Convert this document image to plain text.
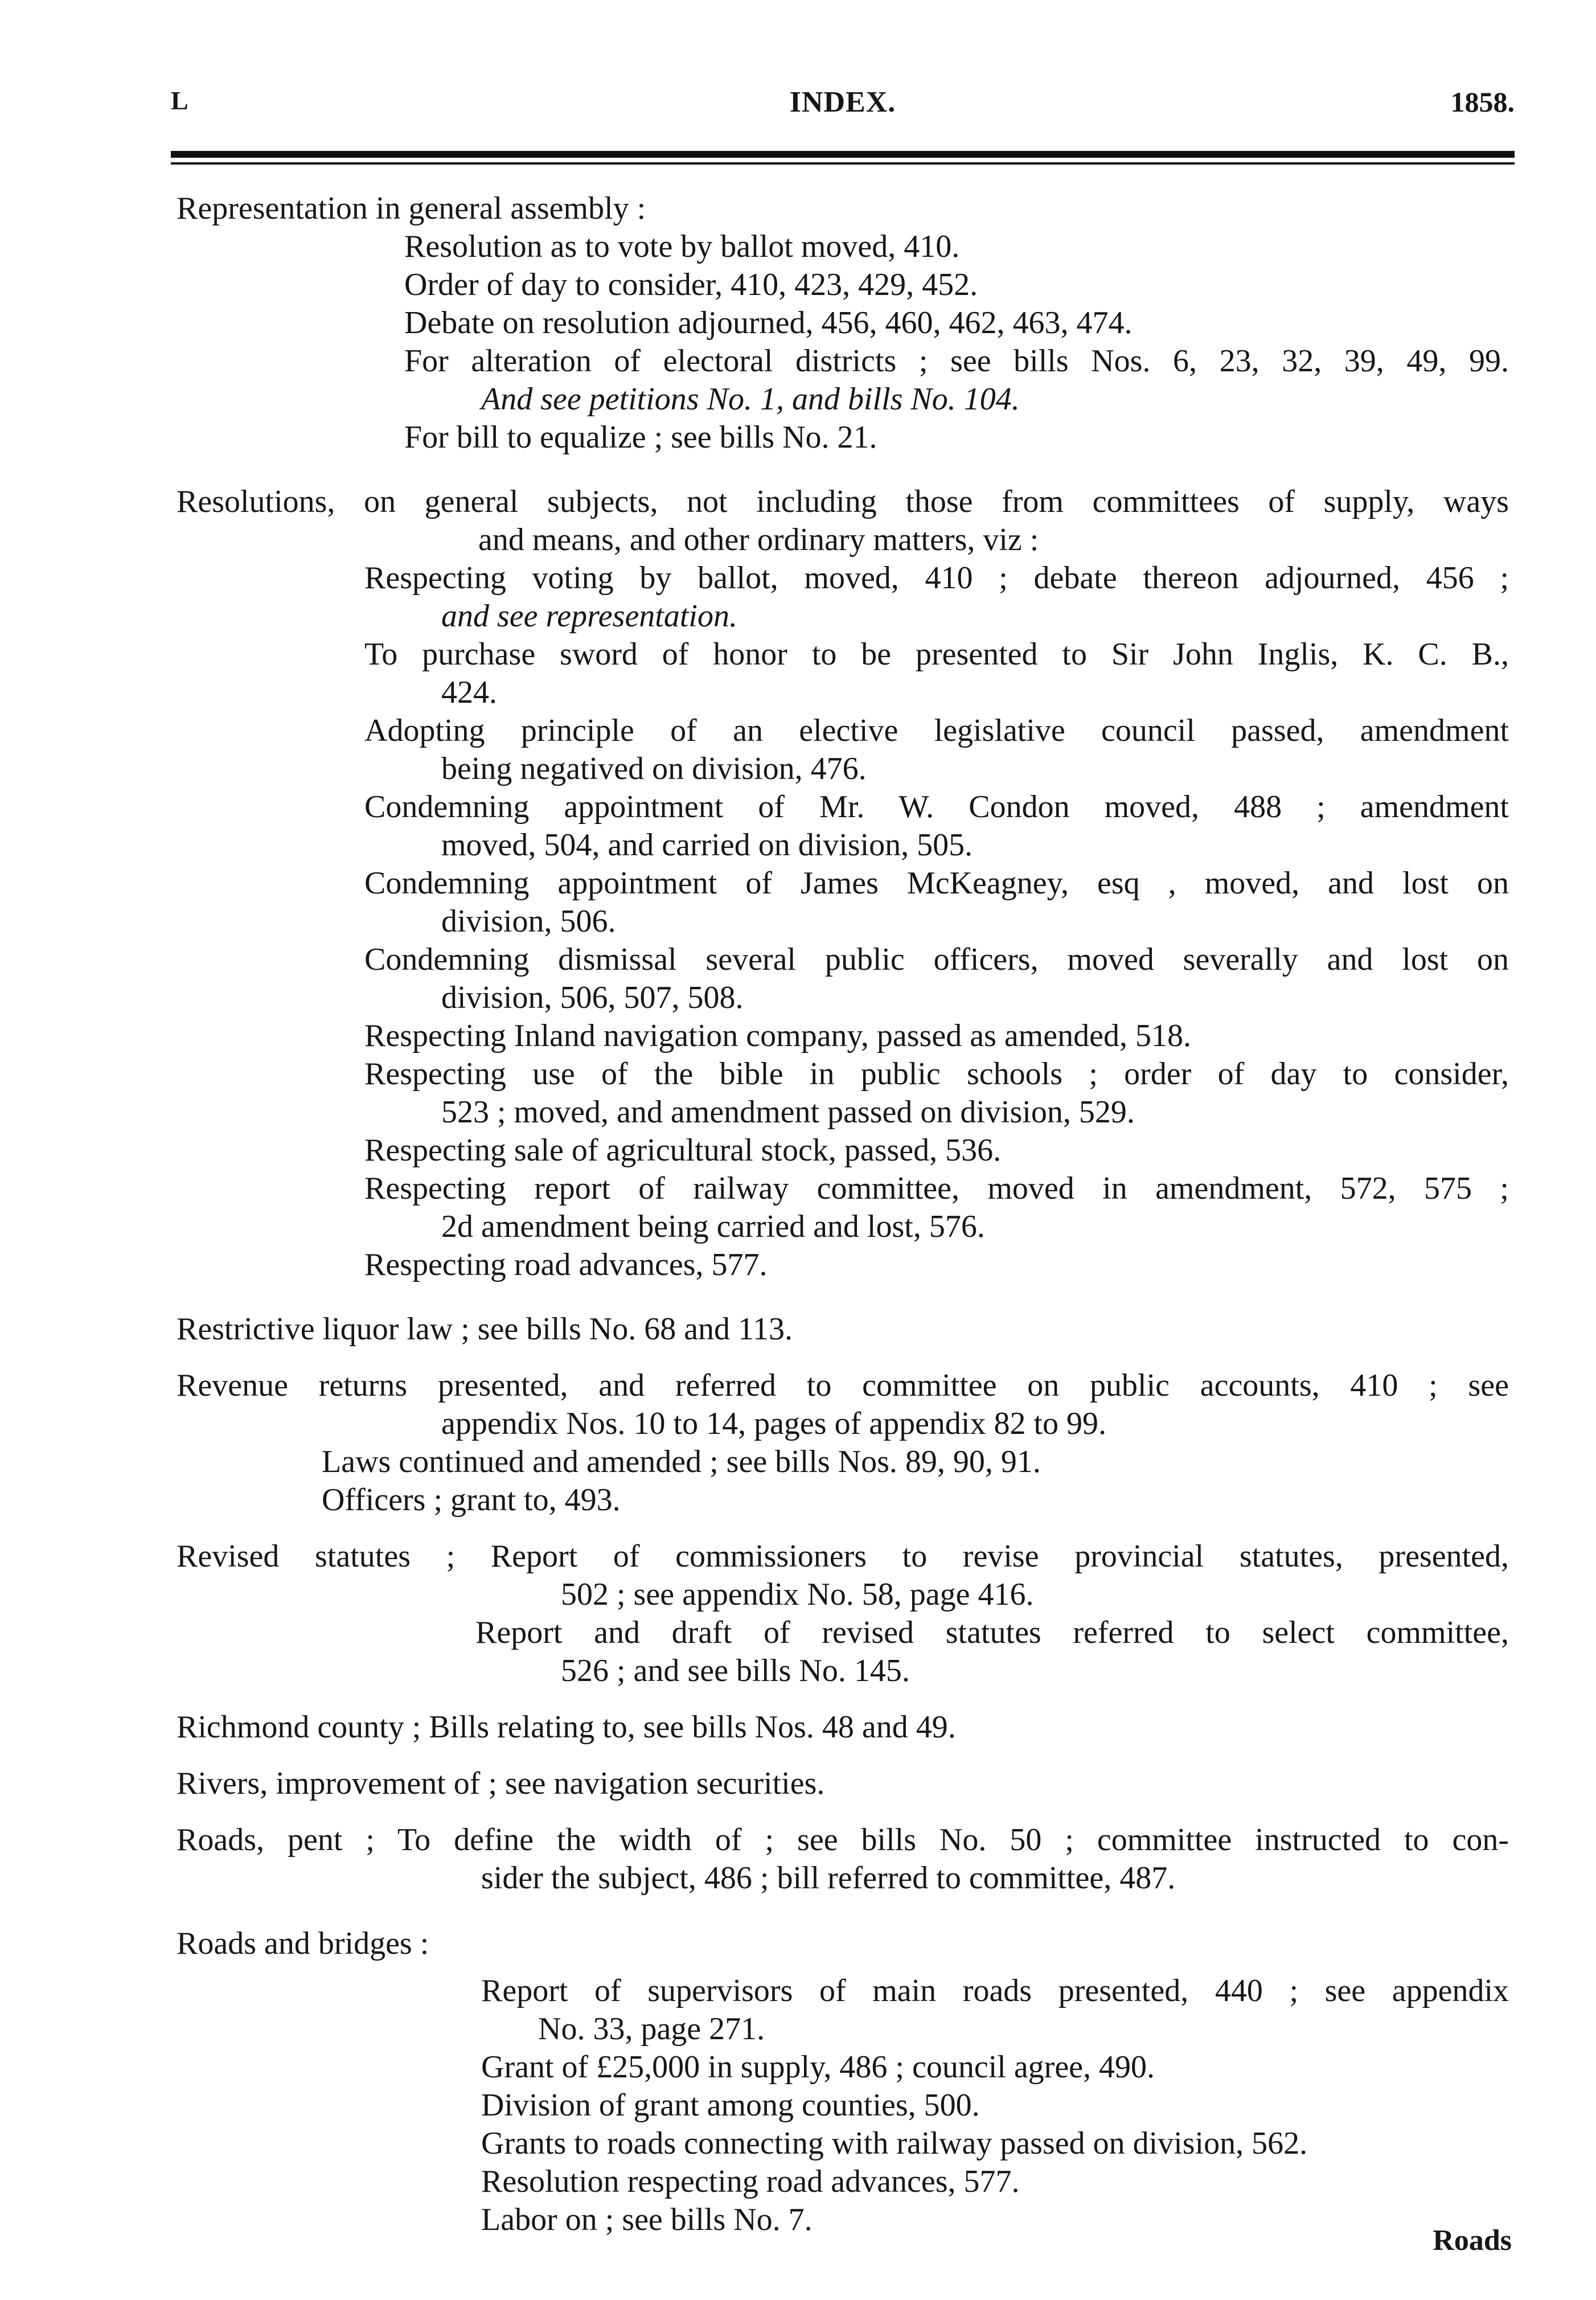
L	INDEX.	1858.
Representation in general assembly :
Resolution as to vote by ballot moved, 410.
Order of day to consider, 410, 423, 429, 452.
Debate on resolution adjourned, 456, 460, 462, 463, 474.
For alteration of electoral districts ; see bills Nos. 6, 23, 32, 39, 49, 99.
And see petitions No. 1, and bills No. 104.
For bill to equalize ; see bills No. 21.
Resolutions, on general subjects, not including those from committees of supply, ways
and means, and other ordinary matters, viz :
Respecting voting by ballot, moved, 410 ; debate thereon adjourned, 456 ;
and see representation.
To purchase sword of honor to be presented to Sir John Inglis, K. C. B.,
424.
Adopting principle of an elective legislative council passed, amendment
being negatived on division, 476.
Condemning appointment of Mr. W. Condon moved, 488 ; amendment
moved, 504, and carried on division, 505.
Condemning appointment of James McKeagney, esq , moved, and lost on
division, 506.
Condemning dismissal several public officers, moved severally and lost on
division, 506, 507, 508.
Respecting Inland navigation company, passed as amended, 518.
Respecting use of the bible in public schools ; order of day to consider,
523 ; moved, and amendment passed on division, 529.
Respecting sale of agricultural stock, passed, 536.
Respecting report of railway committee, moved in amendment, 572, 575 ;
2d amendment being carried and lost, 576.
Respecting road advances, 577.
Restrictive liquor law ; see bills No. 68 and 113.
Revenue returns presented, and referred to committee on public accounts, 410 ; see
appendix Nos. 10 to 14, pages of appendix 82 to 99.
Laws continued and amended ; see bills Nos. 89, 90, 91.
Officers ; grant to, 493.
Revised statutes ; Report of commissioners to revise provincial statutes, presented,
502 ; see appendix No. 58, page 416.
Report and draft of revised statutes referred to select committee,
526 ; and see bills No. 145.
Richmond county ; Bills relating to, see bills Nos. 48 and 49.
Rivers, improvement of ; see navigation securities.
Roads, pent ; To define the width of ; see bills No. 50 ; committee instructed to con-
sider the subject, 486 ; bill referred to committee, 487.
Roads and bridges :
Report of supervisors of main roads presented, 440 ; see appendix
No. 33, page 271.
Grant of £25,000 in supply, 486 ; council agree, 490.
Division of grant among counties, 500.
Grants to roads connecting with railway passed on division, 562.
Resolution respecting road advances, 577.
Labor on ; see bills No. 7.
Roads
